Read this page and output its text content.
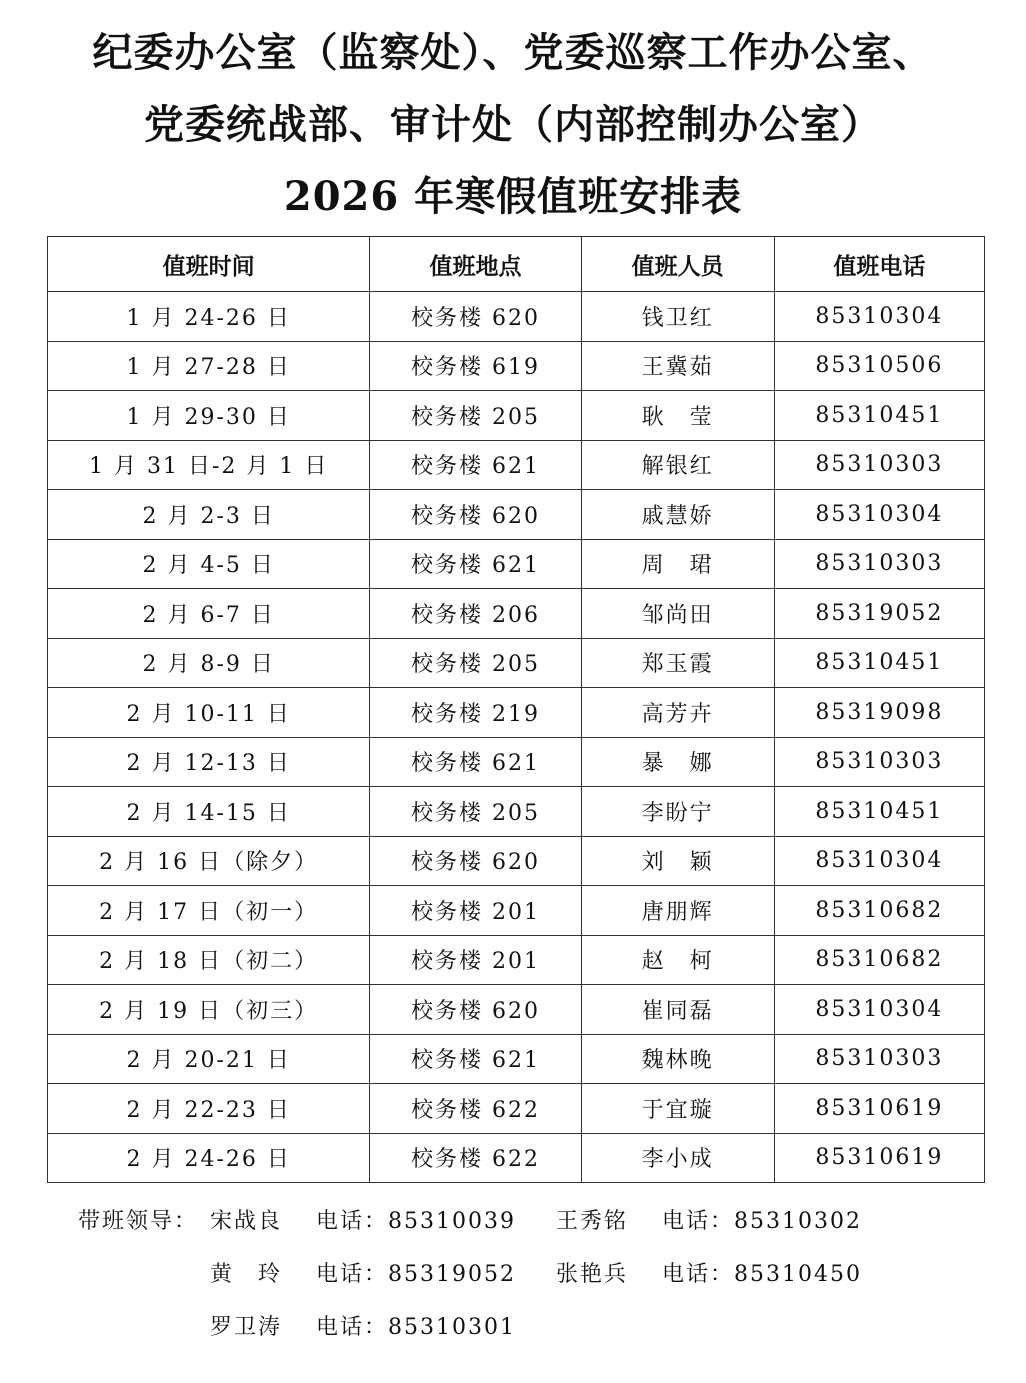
纪委办公室（监察处）、党委巡察工作办公室、
党委统战部、审计处（内部控制办公室）
2026 年寒假值班安排表
值班时间	值班地点	值班人员	值班电话
1 月 24-26 日	校务楼 620	钱卫红	85310304
1 月 27-28 日	校务楼 619	王冀茹	85310506
1 月 29-30 日	校务楼 205	耿　莹	85310451
1 月 31 日-2 月 1 日	校务楼 621	解银红	85310303
2 月 2-3 日	校务楼 620	戚慧娇	85310304
2 月 4-5 日	校务楼 621	周　珺	85310303
2 月 6-7 日	校务楼 206	邹尚田	85319052
2 月 8-9 日	校务楼 205	郑玉霞	85310451
2 月 10-11 日	校务楼 219	高芳卉	85319098
2 月 12-13 日	校务楼 621	暴　娜	85310303
2 月 14-15 日	校务楼 205	李盼宁	85310451
2 月 16 日（除夕）	校务楼 620	刘　颖	85310304
2 月 17 日（初一）	校务楼 201	唐朋辉	85310682
2 月 18 日（初二）	校务楼 201	赵　柯	85310682
2 月 19 日（初三）	校务楼 620	崔同磊	85310304
2 月 20-21 日	校务楼 621	魏林晚	85310303
2 月 22-23 日	校务楼 622	于宜璇	85310619
2 月 24-26 日	校务楼 622	李小成	85310619
带班领导： 宋战良 电话：85310039 王秀铭 电话：85310302
黄　玲 电话：85319052 张艳兵 电话：85310450
罗卫涛 电话：85310301
